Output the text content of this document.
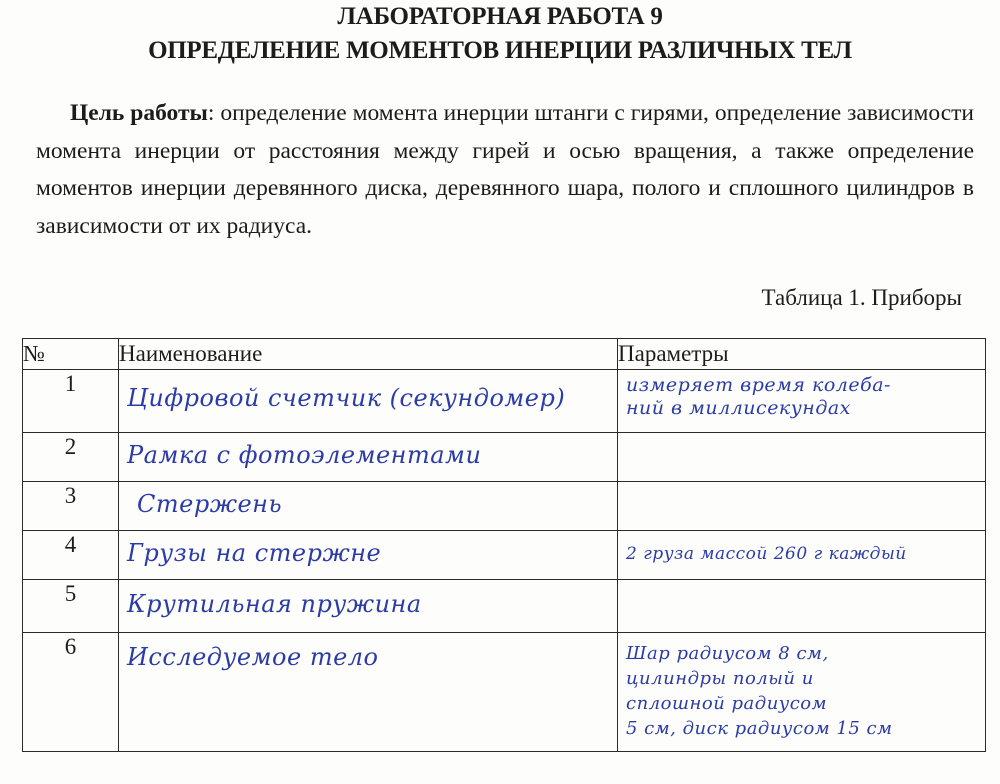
ЛАБОРАТОРНАЯ РАБОТА 9
ОПРЕДЕЛЕНИЕ МОМЕНТОВ ИНЕРЦИИ РАЗЛИЧНЫХ ТЕЛ
Цель работы: определение момента инерции штанги с гирями, определение зависимости момента инерции от расстояния между гирей и осью вращения, а также определение моментов инерции деревянного диска, деревянного шара, полого и сплошного цилиндров в зависимости от их радиуса.
Таблица 1. Приборы
№	Наименование	Параметры
1	Цифровой счетчик (секундомер)	измеряет время колеба-
ний в миллисекундах

2	Рамка с фотоэлементами	

3	Стержень	

4	Грузы на стержне	2 груза массой 260 г каждый

5	Крутильная пружина	

6	Исследуемое тело	Шар радиусом 8 см,
цилиндры полый и
сплошной радиусом
5 см, диск радиусом 15 см
